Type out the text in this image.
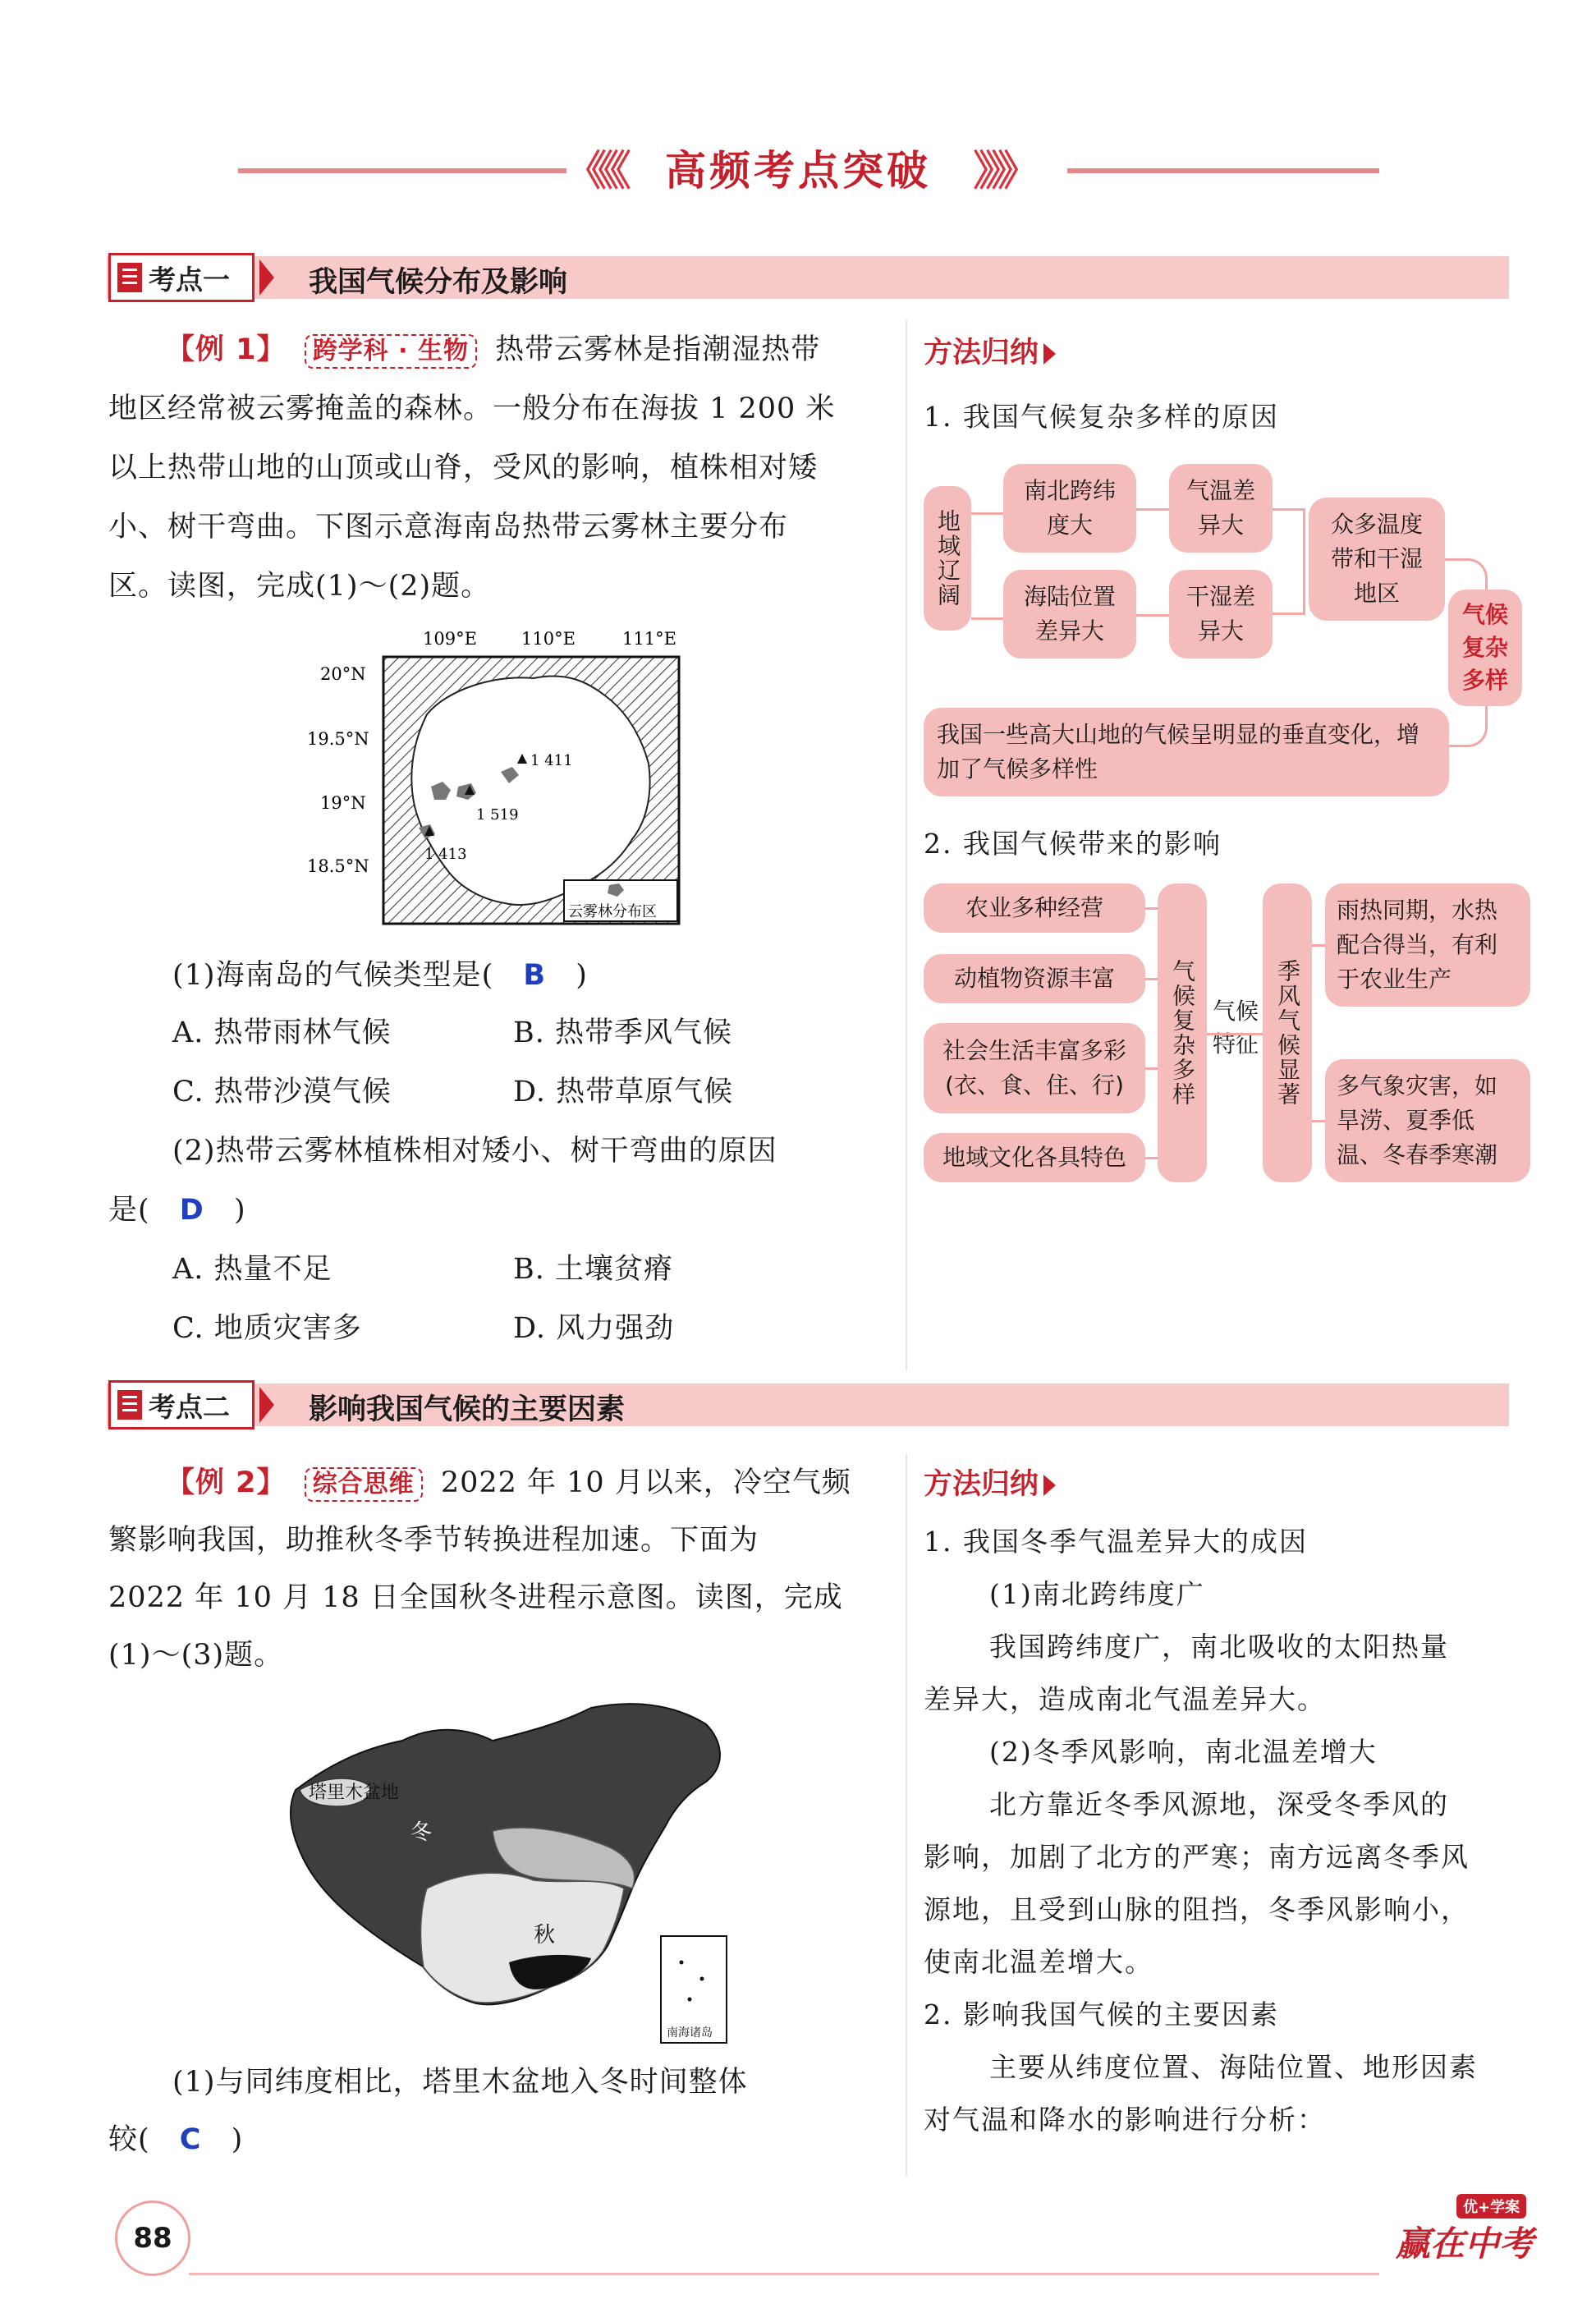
《《《 高频考点突破 》》》
考点一	我国气候分布及影响
【例 1】 跨学科 · 生物 热带云雾林是指潮湿热带
地区经常被云雾掩盖的森林。一般分布在海拔 1 200 米
以上热带山地的山顶或山脊，受风的影响，植株相对矮
小、树干弯曲。下图示意海南岛热带云雾林主要分布
区。读图，完成(1)～(2)题。
109°E	110°E	111°E
20°N
19.5°N
19°N
18.5°N
1 411
1 519
1 413
云雾林分布区
(1)海南岛的气候类型是( B )
A. 热带雨林气候	B. 热带季风气候
C. 热带沙漠气候	D. 热带草原气候
(2)热带云雾林植株相对矮小、树干弯曲的原因
是( D )
A. 热量不足	B. 土壤贫瘠
C. 地质灾害多	D. 风力强劲
方法归纳
1. 我国气候复杂多样的原因
地域辽阔
南北跨纬度大
海陆位置差异大
气温差异大
干湿差异大
众多温度带和干湿地区
气候复杂多样
我国一些高大山地的气候呈明显的垂直变化，增加了气候多样性
2. 我国气候带来的影响
农业多种经营
动植物资源丰富
社会生活丰富多彩(衣、食、住、行)
地域文化各具特色
气候复杂多样 气候特征 季风气候显著
雨热同期，水热配合得当，有利于农业生产
多气象灾害，如旱涝、夏季低温、冬春季寒潮
考点二	影响我国气候的主要因素
【例 2】 综合思维 2022 年 10 月以来，冷空气频
繁影响我国，助推秋冬季节转换进程加速。下面为
2022 年 10 月 18 日全国秋冬进程示意图。读图，完成
(1)～(3)题。
塔里木盆地
冬
秋
南海诸岛
(1)与同纬度相比，塔里木盆地入冬时间整体
较( C )
方法归纳
1. 我国冬季气温差异大的成因
(1)南北跨纬度广
我国跨纬度广，南北吸收的太阳热量
差异大，造成南北气温差异大。
(2)冬季风影响，南北温差增大
北方靠近冬季风源地，深受冬季风的
影响，加剧了北方的严寒；南方远离冬季风
源地，且受到山脉的阻挡，冬季风影响小，
使南北温差增大。
2. 影响我国气候的主要因素
主要从纬度位置、海陆位置、地形因素
对气温和降水的影响进行分析：
88
优+学案
赢在中考
